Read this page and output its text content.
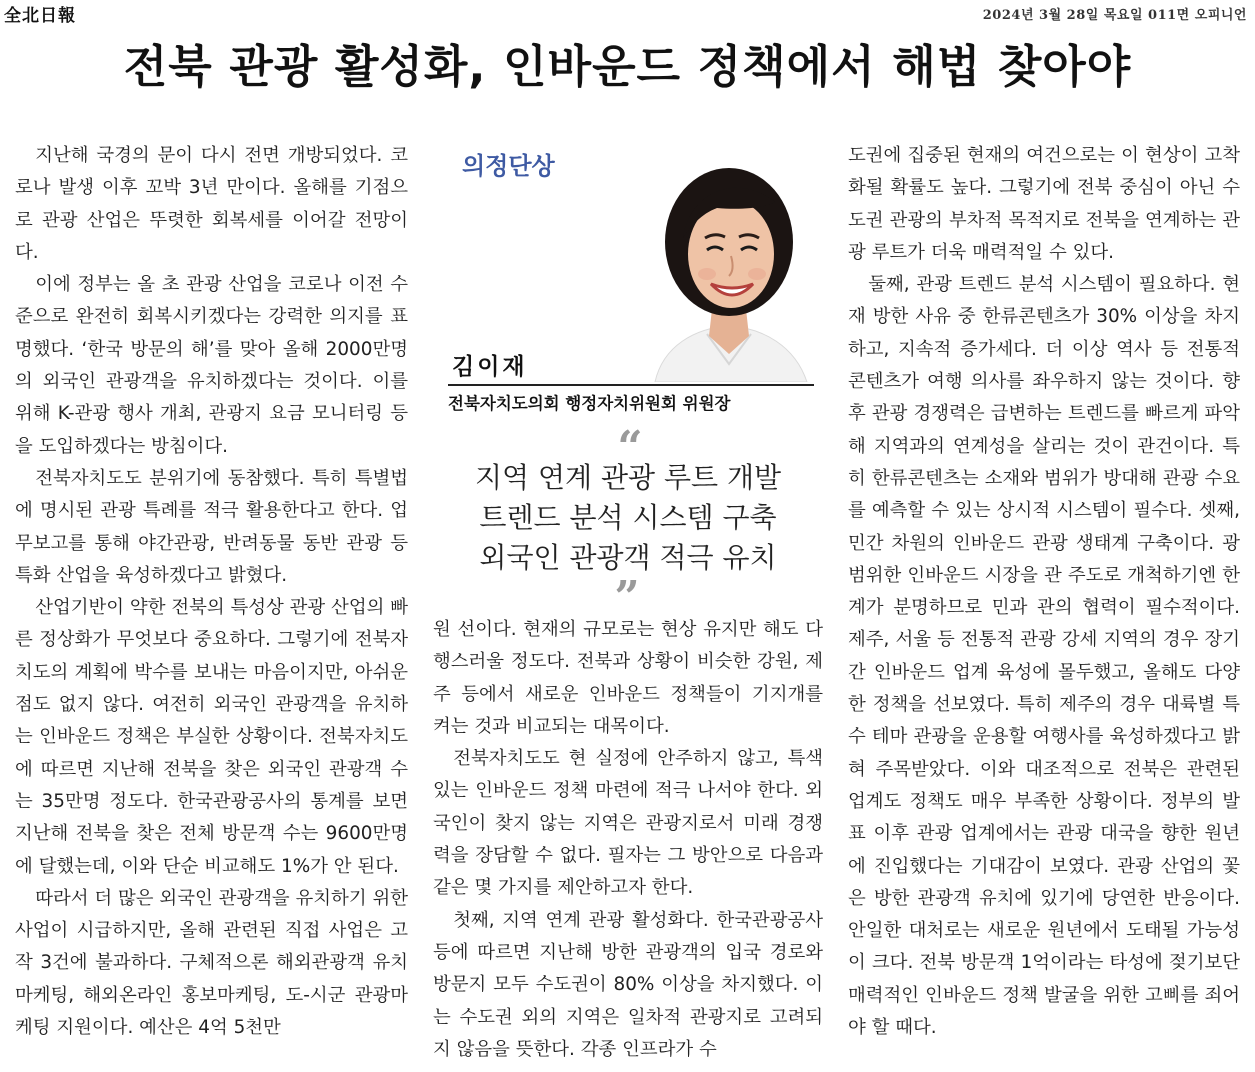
全北日報	2024년 3월 28일 목요일 011면 오피니언
전북 관광 활성화, 인바운드 정책에서 해법 찾아야

지난해 국경의 문이 다시 전면 개방되었다. 코로나 발생 이후 꼬박 3년 만이다. 올해를 기점으로 관광 산업은 뚜렷한 회복세를 이어갈 전망이다.

이에 정부는 올 초 관광 산업을 코로나 이전 수준으로 완전히 회복시키겠다는 강력한 의지를 표명했다. ‘한국 방문의 해’를 맞아 올해 2000만명의 외국인 관광객을 유치하겠다는 것이다. 이를 위해 K-관광 행사 개최, 관광지 요금 모니터링 등을 도입하겠다는 방침이다.

전북자치도도 분위기에 동참했다. 특히 특별법에 명시된 관광 특례를 적극 활용한다고 한다. 업무보고를 통해 야간관광, 반려동물 동반 관광 등 특화 산업을 육성하겠다고 밝혔다.

산업기반이 약한 전북의 특성상 관광 산업의 빠른 정상화가 무엇보다 중요하다. 그렇기에 전북자치도의 계획에 박수를 보내는 마음이지만, 아쉬운 점도 없지 않다. 여전히 외국인 관광객을 유치하는 인바운드 정책은 부실한 상황이다. 전북자치도에 따르면 지난해 전북을 찾은 외국인 관광객 수는 35만명 정도다. 한국관광공사의 통계를 보면 지난해 전북을 찾은 전체 방문객 수는 9600만명에 달했는데, 이와 단순 비교해도 1%가 안 된다.

따라서 더 많은 외국인 관광객을 유치하기 위한 사업이 시급하지만, 올해 관련된 직접 사업은 고작 3건에 불과하다. 구체적으론 해외관광객 유치 마케팅, 해외온라인 홍보마케팅, 도-시군 관광마케팅 지원이다. 예산은 4억 5천만

의정단상
김이재
전북자치도의회 행정자치위원회 위원장
“
지역 연계 관광 루트 개발
트렌드 분석 시스템 구축
외국인 관광객 적극 유치
”

원 선이다. 현재의 규모로는 현상 유지만 해도 다행스러울 정도다. 전북과 상황이 비슷한 강원, 제주 등에서 새로운 인바운드 정책들이 기지개를 켜는 것과 비교되는 대목이다.

전북자치도도 현 실정에 안주하지 않고, 특색 있는 인바운드 정책 마련에 적극 나서야 한다. 외국인이 찾지 않는 지역은 관광지로서 미래 경쟁력을 장담할 수 없다. 필자는 그 방안으로 다음과 같은 몇 가지를 제안하고자 한다.

첫째, 지역 연계 관광 활성화다. 한국관광공사 등에 따르면 지난해 방한 관광객의 입국 경로와 방문지 모두 수도권이 80% 이상을 차지했다. 이는 수도권 외의 지역은 일차적 관광지로 고려되지 않음을 뜻한다. 각종 인프라가 수

도권에 집중된 현재의 여건으로는 이 현상이 고착화될 확률도 높다. 그렇기에 전북 중심이 아닌 수도권 관광의 부차적 목적지로 전북을 연계하는 관광 루트가 더욱 매력적일 수 있다.

둘째, 관광 트렌드 분석 시스템이 필요하다. 현재 방한 사유 중 한류콘텐츠가 30% 이상을 차지하고, 지속적 증가세다. 더 이상 역사 등 전통적 콘텐츠가 여행 의사를 좌우하지 않는 것이다. 향후 관광 경쟁력은 급변하는 트렌드를 빠르게 파악해 지역과의 연계성을 살리는 것이 관건이다. 특히 한류콘텐츠는 소재와 범위가 방대해 관광 수요를 예측할 수 있는 상시적 시스템이 필수다. 셋째, 민간 차원의 인바운드 관광 생태계 구축이다. 광범위한 인바운드 시장을 관 주도로 개척하기엔 한계가 분명하므로 민과 관의 협력이 필수적이다. 제주, 서울 등 전통적 관광 강세 지역의 경우 장기간 인바운드 업계 육성에 몰두했고, 올해도 다양한 정책을 선보였다. 특히 제주의 경우 대륙별 특수 테마 관광을 운용할 여행사를 육성하겠다고 밝혀 주목받았다. 이와 대조적으로 전북은 관련된 업계도 정책도 매우 부족한 상황이다. 정부의 발표 이후 관광 업계에서는 관광 대국을 향한 원년에 진입했다는 기대감이 보였다. 관광 산업의 꽃은 방한 관광객 유치에 있기에 당연한 반응이다. 안일한 대처로는 새로운 원년에서 도태될 가능성이 크다. 전북 방문객 1억이라는 타성에 젖기보단 매력적인 인바운드 정책 발굴을 위한 고삐를 죄어야 할 때다.
